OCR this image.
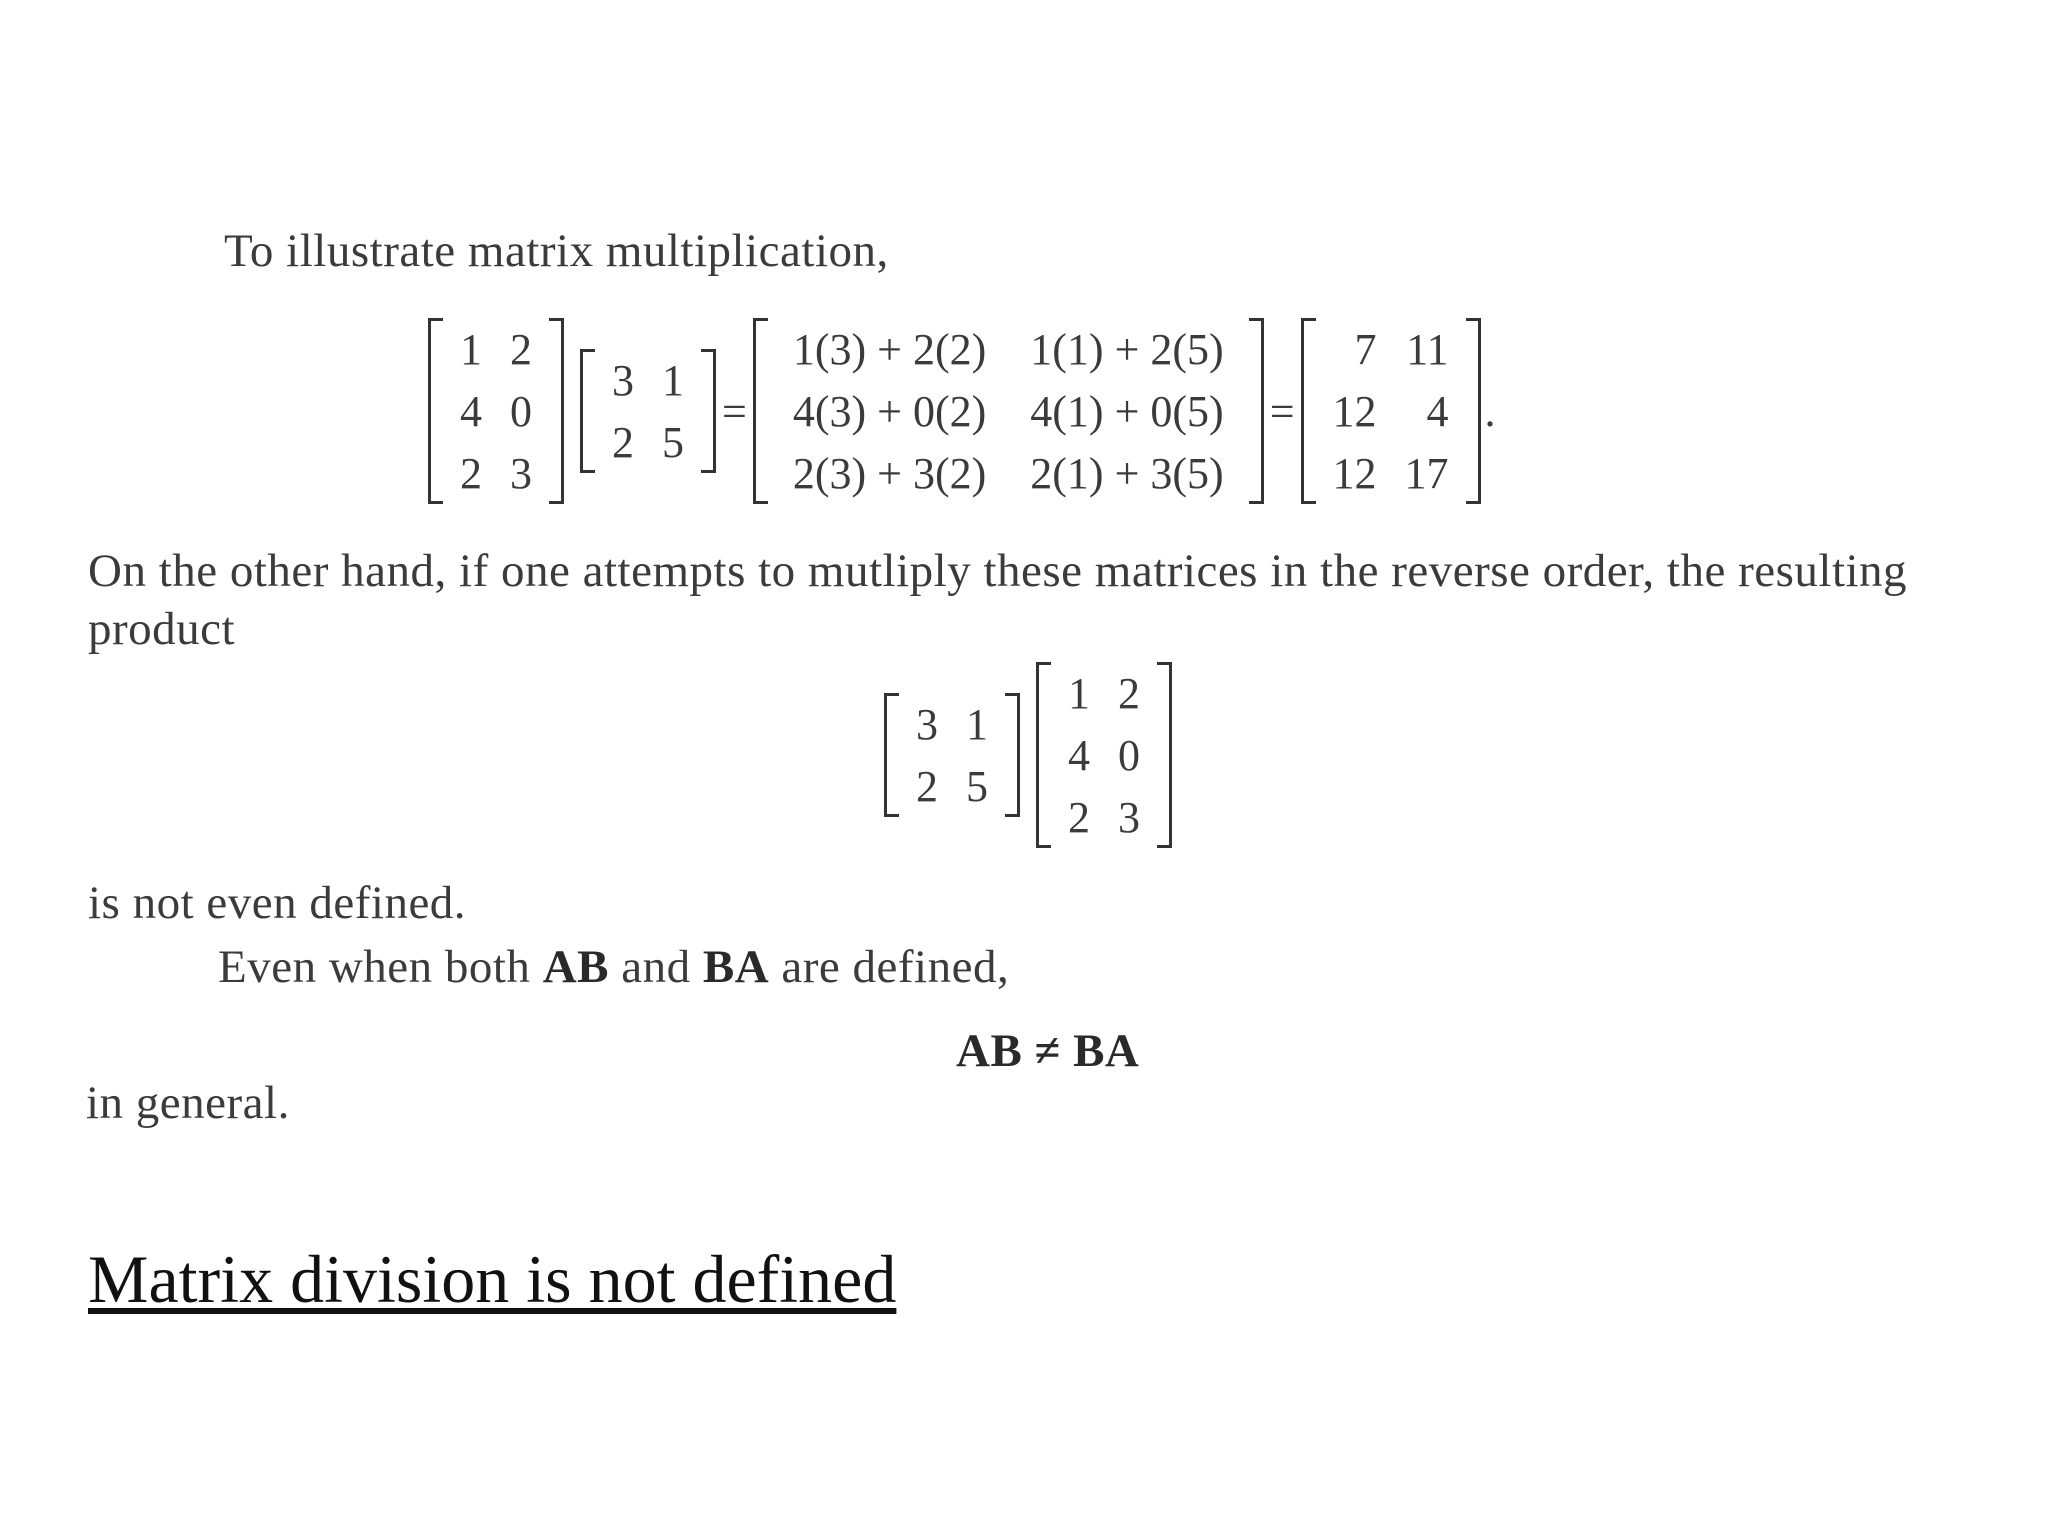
To illustrate matrix multiplication,
1	2
4	0
2	3
3	1
2	5
=
1(3) + 2(2)	1(1) + 2(5)
4(3) + 0(2)	4(1) + 0(5)
2(3) + 3(2)	2(1) + 3(5)
=
7	11
12	4
12	17
.
On the other hand, if one attempts to mutliply these matrices in the reverse order, the resulting
product
3	1
2	5
1	2
4	0
2	3
is not even defined.
Even when both AB and BA are defined,
AB ≠ BA
in general.
Matrix division is not defined
